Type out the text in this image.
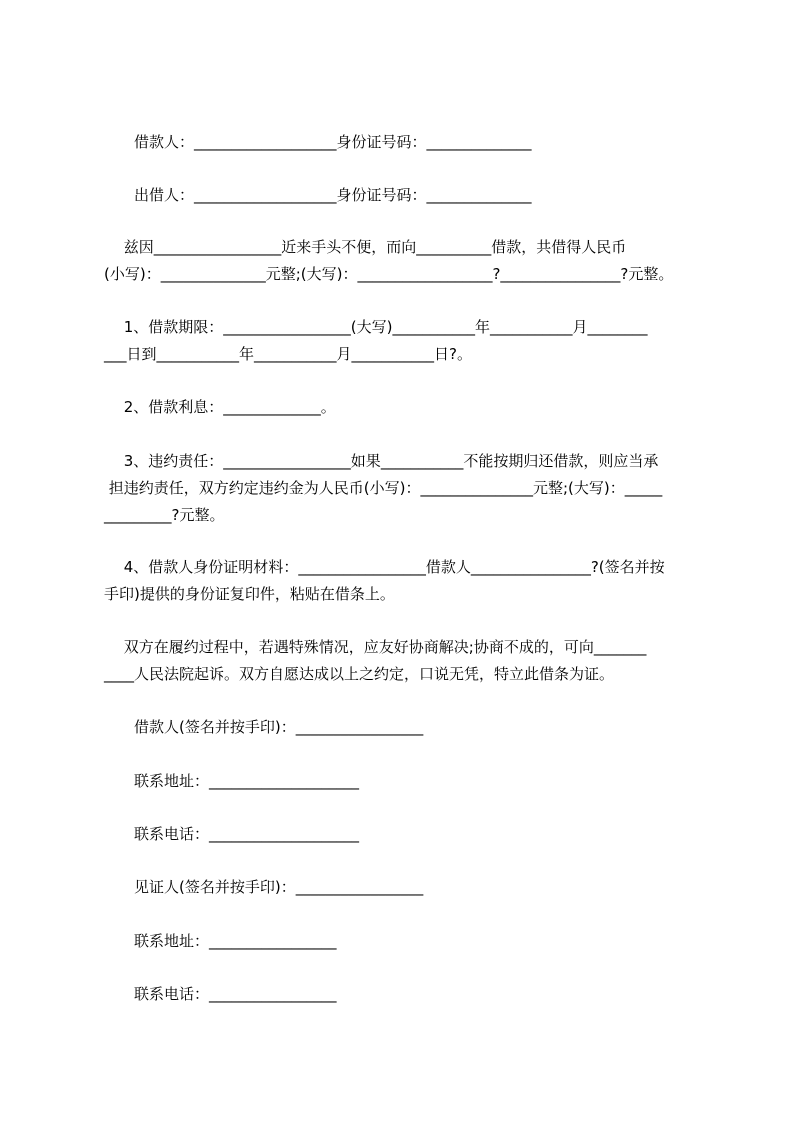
　　借款人：___________________身份证号码：______________

　　出借人：___________________身份证号码：______________

　 兹因_________________近来手头不便，而向__________借款，共借得人民币

(小写)：______________元整;(大写)：__________________?________________?元整。

　 1、借款期限：_________________(大写)___________年___________月________

___日到___________年___________月___________日?。

　 2、借款利息：_____________。

　 3、违约责任：_________________如果___________不能按期归还借款，则应当承

担违约责任，双方约定违约金为人民币(小写)：_______________元整;(大写)：_____

_________?元整。

　 4、借款人身份证明材料：_________________借款人________________?(签名并按

手印)提供的身份证复印件，粘贴在借条上。

　 双方在履约过程中，若遇特殊情况，应友好协商解决;协商不成的，可向_______

____人民法院起诉。双方自愿达成以上之约定，口说无凭，特立此借条为证。

　　借款人(签名并按手印)：_________________

　　联系地址：____________________

　　联系电话：____________________

　　见证人(签名并按手印)：_________________

　　联系地址：_________________

　　联系电话：_________________
